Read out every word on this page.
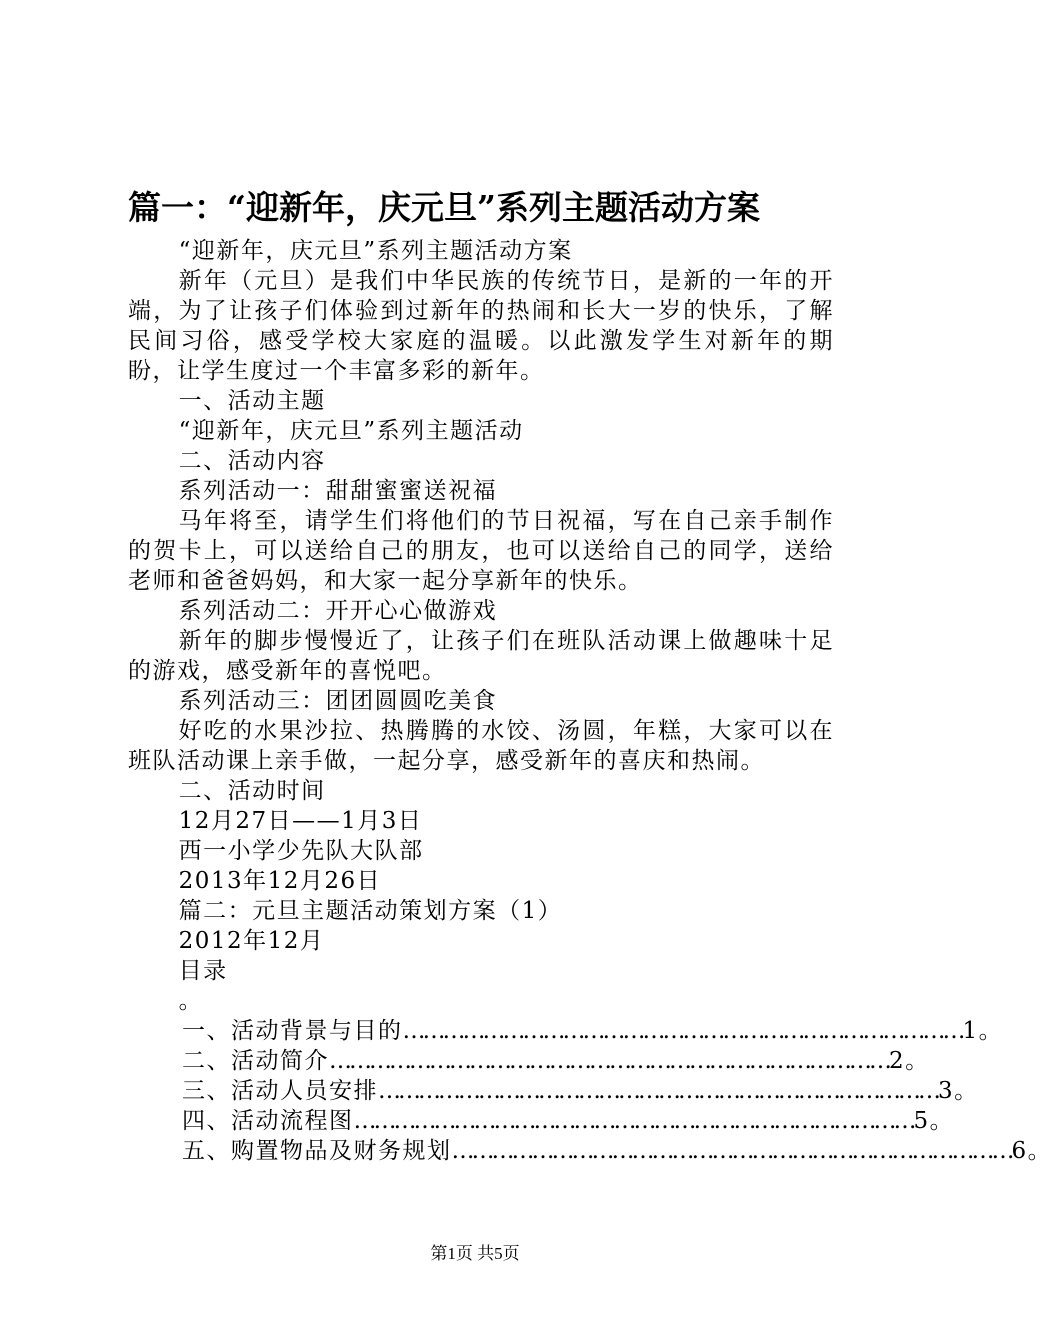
篇一：“迎新年，庆元旦”系列主题活动方案

“迎新年，庆元旦”系列主题活动方案

新年（元旦）是我们中华民族的传统节日，是新的一年的开端，为了让孩子们体验到过新年的热闹和长大一岁的快乐，了解民间习俗，感受学校大家庭的温暖。以此激发学生对新年的期盼，让学生度过一个丰富多彩的新年。

一、活动主题

“迎新年，庆元旦”系列主题活动

二、活动内容

系列活动一：甜甜蜜蜜送祝福

马年将至，请学生们将他们的节日祝福，写在自己亲手制作的贺卡上，可以送给自己的朋友，也可以送给自己的同学，送给老师和爸爸妈妈，和大家一起分享新年的快乐。

系列活动二：开开心心做游戏

新年的脚步慢慢近了，让孩子们在班队活动课上做趣味十足的游戏，感受新年的喜悦吧。

系列活动三：团团圆圆吃美食

好吃的水果沙拉、热腾腾的水饺、汤圆，年糕，大家可以在班队活动课上亲手做，一起分享，感受新年的喜庆和热闹。

二、活动时间

12月27日——1月3日

西一小学少先队大队部

2013年12月26日

篇二：元旦主题活动策划方案（1）

2012年12月

目录

。

一、活动背景与目的 ………………………………………………………………………… 1。
二、活动简介 ………………………………………………………………………… 2。
三、活动人员安排 ………………………………………………………………………… 3。
四、活动流程图 ………………………………………………………………………… 5。
五、购置物品及财务规划 ………………………………………………………………………… 6。
第1页 共5页
